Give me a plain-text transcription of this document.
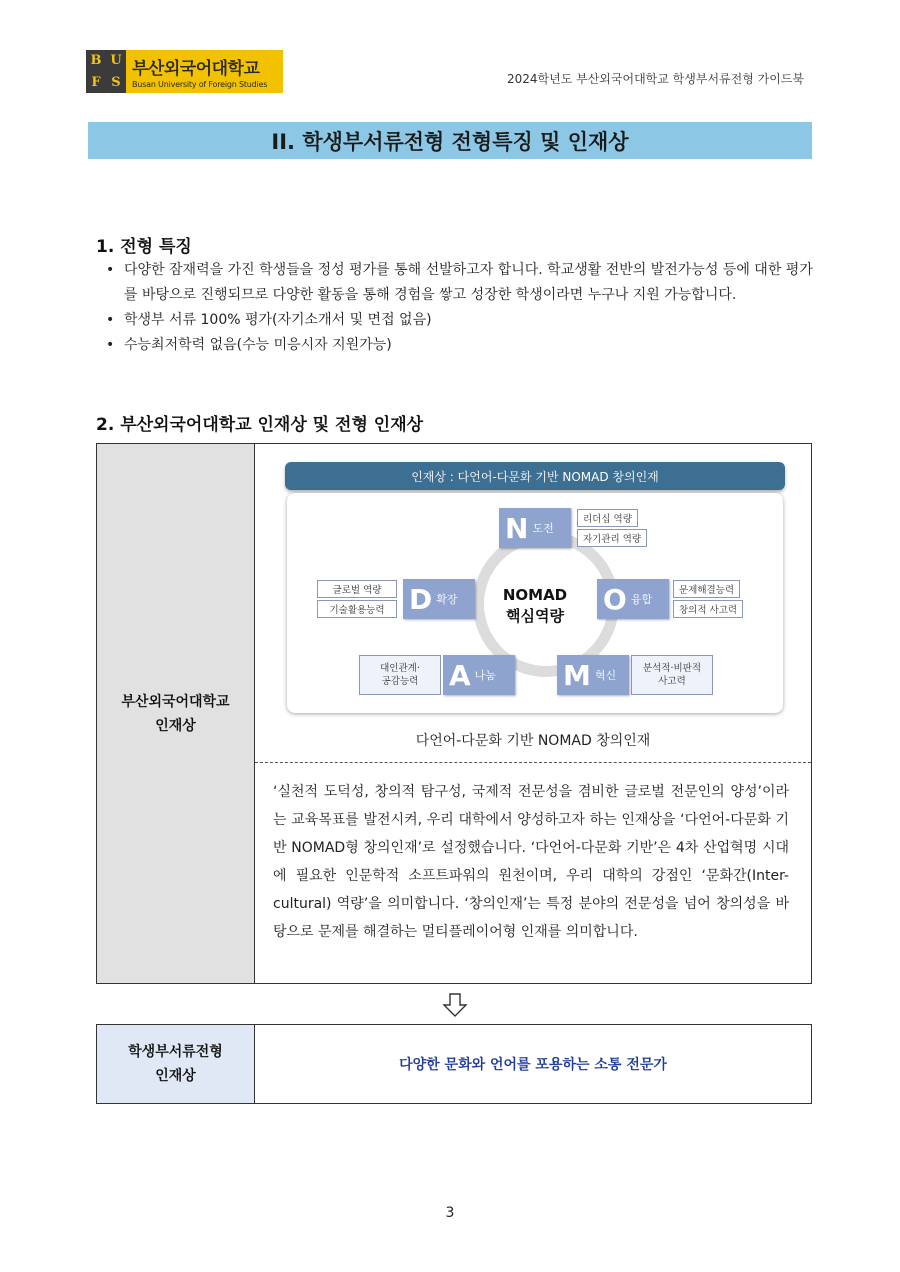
B U
F S
부산외국어대학교
Busan University of Foreign Studies	2024학년도 부산외국어대학교 학생부서류전형 가이드북
II. 학생부서류전형 전형특징 및 인재상
1. 전형 특징
• 다양한 잠재력을 가진 학생들을 정성 평가를 통해 선발하고자 합니다. 학교생활 전반의 발전가능성 등에 대한 평가를 바탕으로 진행되므로 다양한 활동을 통해 경험을 쌓고 성장한 학생이라면 누구나 지원 가능합니다.
• 학생부 서류 100% 평가(자기소개서 및 면접 없음)
• 수능최저학력 없음(수능 미응시자 지원가능)
2. 부산외국어대학교 인재상 및 전형 인재상
부산외국어대학교
인재상
인재상 : 다언어-다문화 기반 NOMAD 창의인재
NOMAD
핵심역량
N 도전
리더십 역량
자기관리 역량
O 융합
문제해결능력
창의적 사고력
M 혁신
분석적·비판적
사고력
A 나눔
대인관계·
공감능력
D 확장
글로벌 역량
기술활용능력
다언어-다문화 기반 NOMAD 창의인재
‘실천적 도덕성, 창의적 탐구성, 국제적 전문성을 겸비한 글로벌 전문인의 양성’이라는 교육목표를 발전시켜, 우리 대학에서 양성하고자 하는 인재상을 ‘다언어-다문화 기반 NOMAD형 창의인재’로 설정했습니다. ‘다언어-다문화 기반’은 4차 산업혁명 시대에 필요한 인문학적 소프트파워의 원천이며, 우리 대학의 강점인 ‘문화간(Inter-cultural) 역량’을 의미합니다. ‘창의인재’는 특정 분야의 전문성을 넘어 창의성을 바탕으로 문제를 해결하는 멀티플레이어형 인재를 의미합니다.
학생부서류전형
인재상
다양한 문화와 언어를 포용하는 소통 전문가
3
